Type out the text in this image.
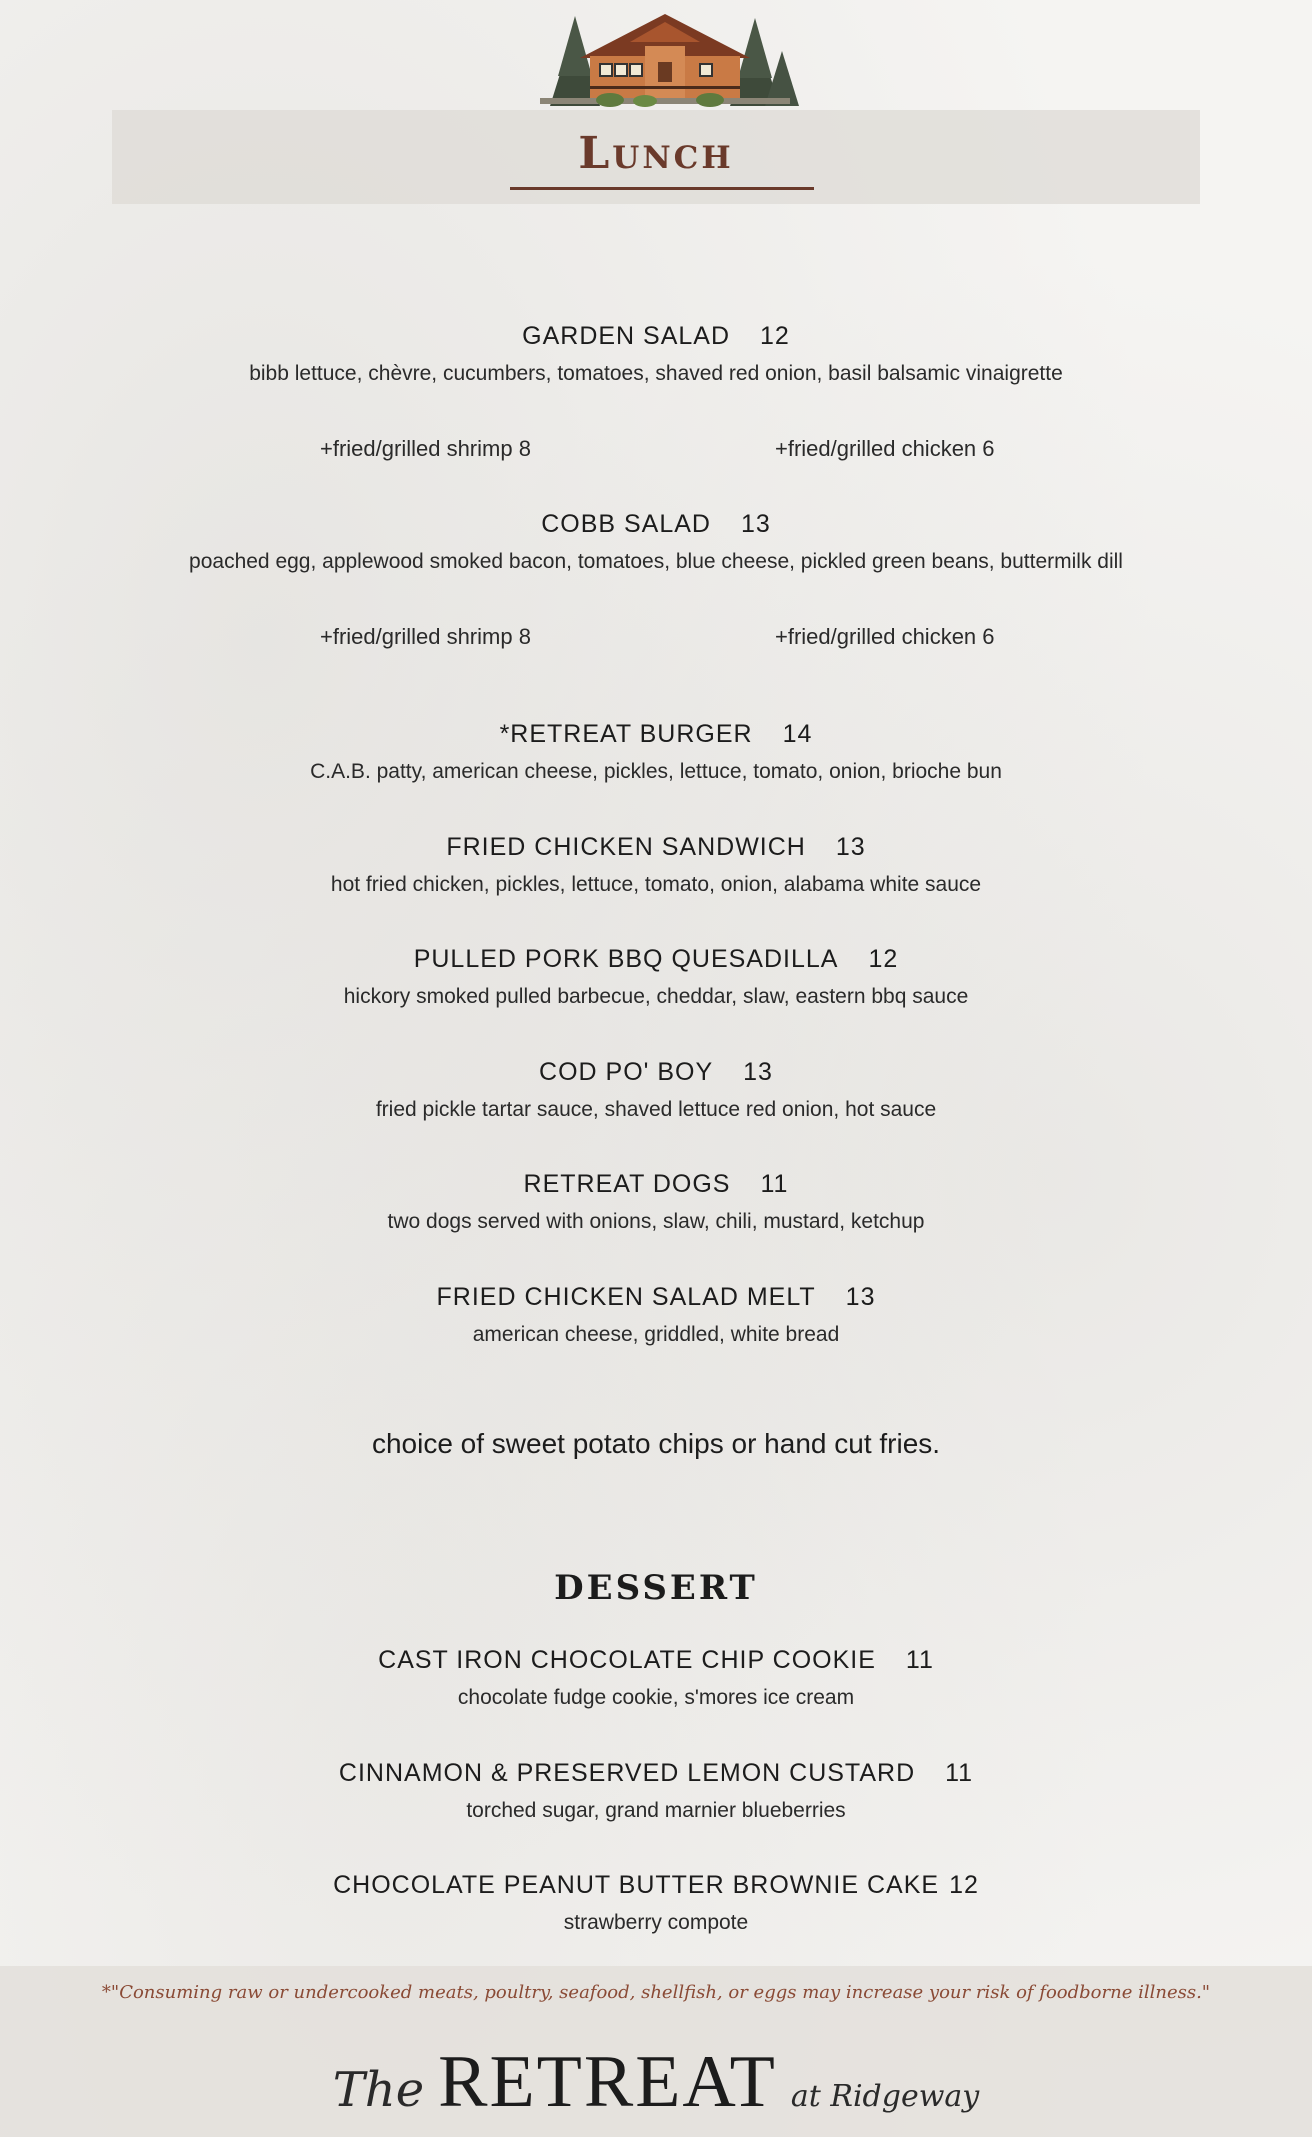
Lunch
GARDEN SALAD 12
bibb lettuce, chèvre, cucumbers, tomatoes, shaved red onion, basil balsamic vinaigrette
+fried/grilled shrimp 8	+fried/grilled chicken 6
COBB SALAD 13
poached egg, applewood smoked bacon, tomatoes, blue cheese, pickled green beans, buttermilk dill
+fried/grilled shrimp 8	+fried/grilled chicken 6
*RETREAT BURGER 14
C.A.B. patty, american cheese, pickles, lettuce, tomato, onion, brioche bun
FRIED CHICKEN SANDWICH 13
hot fried chicken, pickles, lettuce, tomato, onion, alabama white sauce
PULLED PORK BBQ QUESADILLA 12
hickory smoked pulled barbecue, cheddar, slaw, eastern bbq sauce
COD PO' BOY 13
fried pickle tartar sauce, shaved lettuce red onion, hot sauce
RETREAT DOGS 11
two dogs served with onions, slaw, chili, mustard, ketchup
FRIED CHICKEN SALAD MELT 13
american cheese, griddled, white bread
choice of sweet potato chips or hand cut fries.
DESSERT
CAST IRON CHOCOLATE CHIP COOKIE 11
chocolate fudge cookie, s'mores ice cream
CINNAMON & PRESERVED LEMON CUSTARD 11
torched sugar, grand marnier blueberries
CHOCOLATE PEANUT BUTTER BROWNIE CAKE 12
strawberry compote
*"Consuming raw or undercooked meats, poultry, seafood, shellfish, or eggs may increase your risk of foodborne illness."
The RETREAT at Ridgeway
